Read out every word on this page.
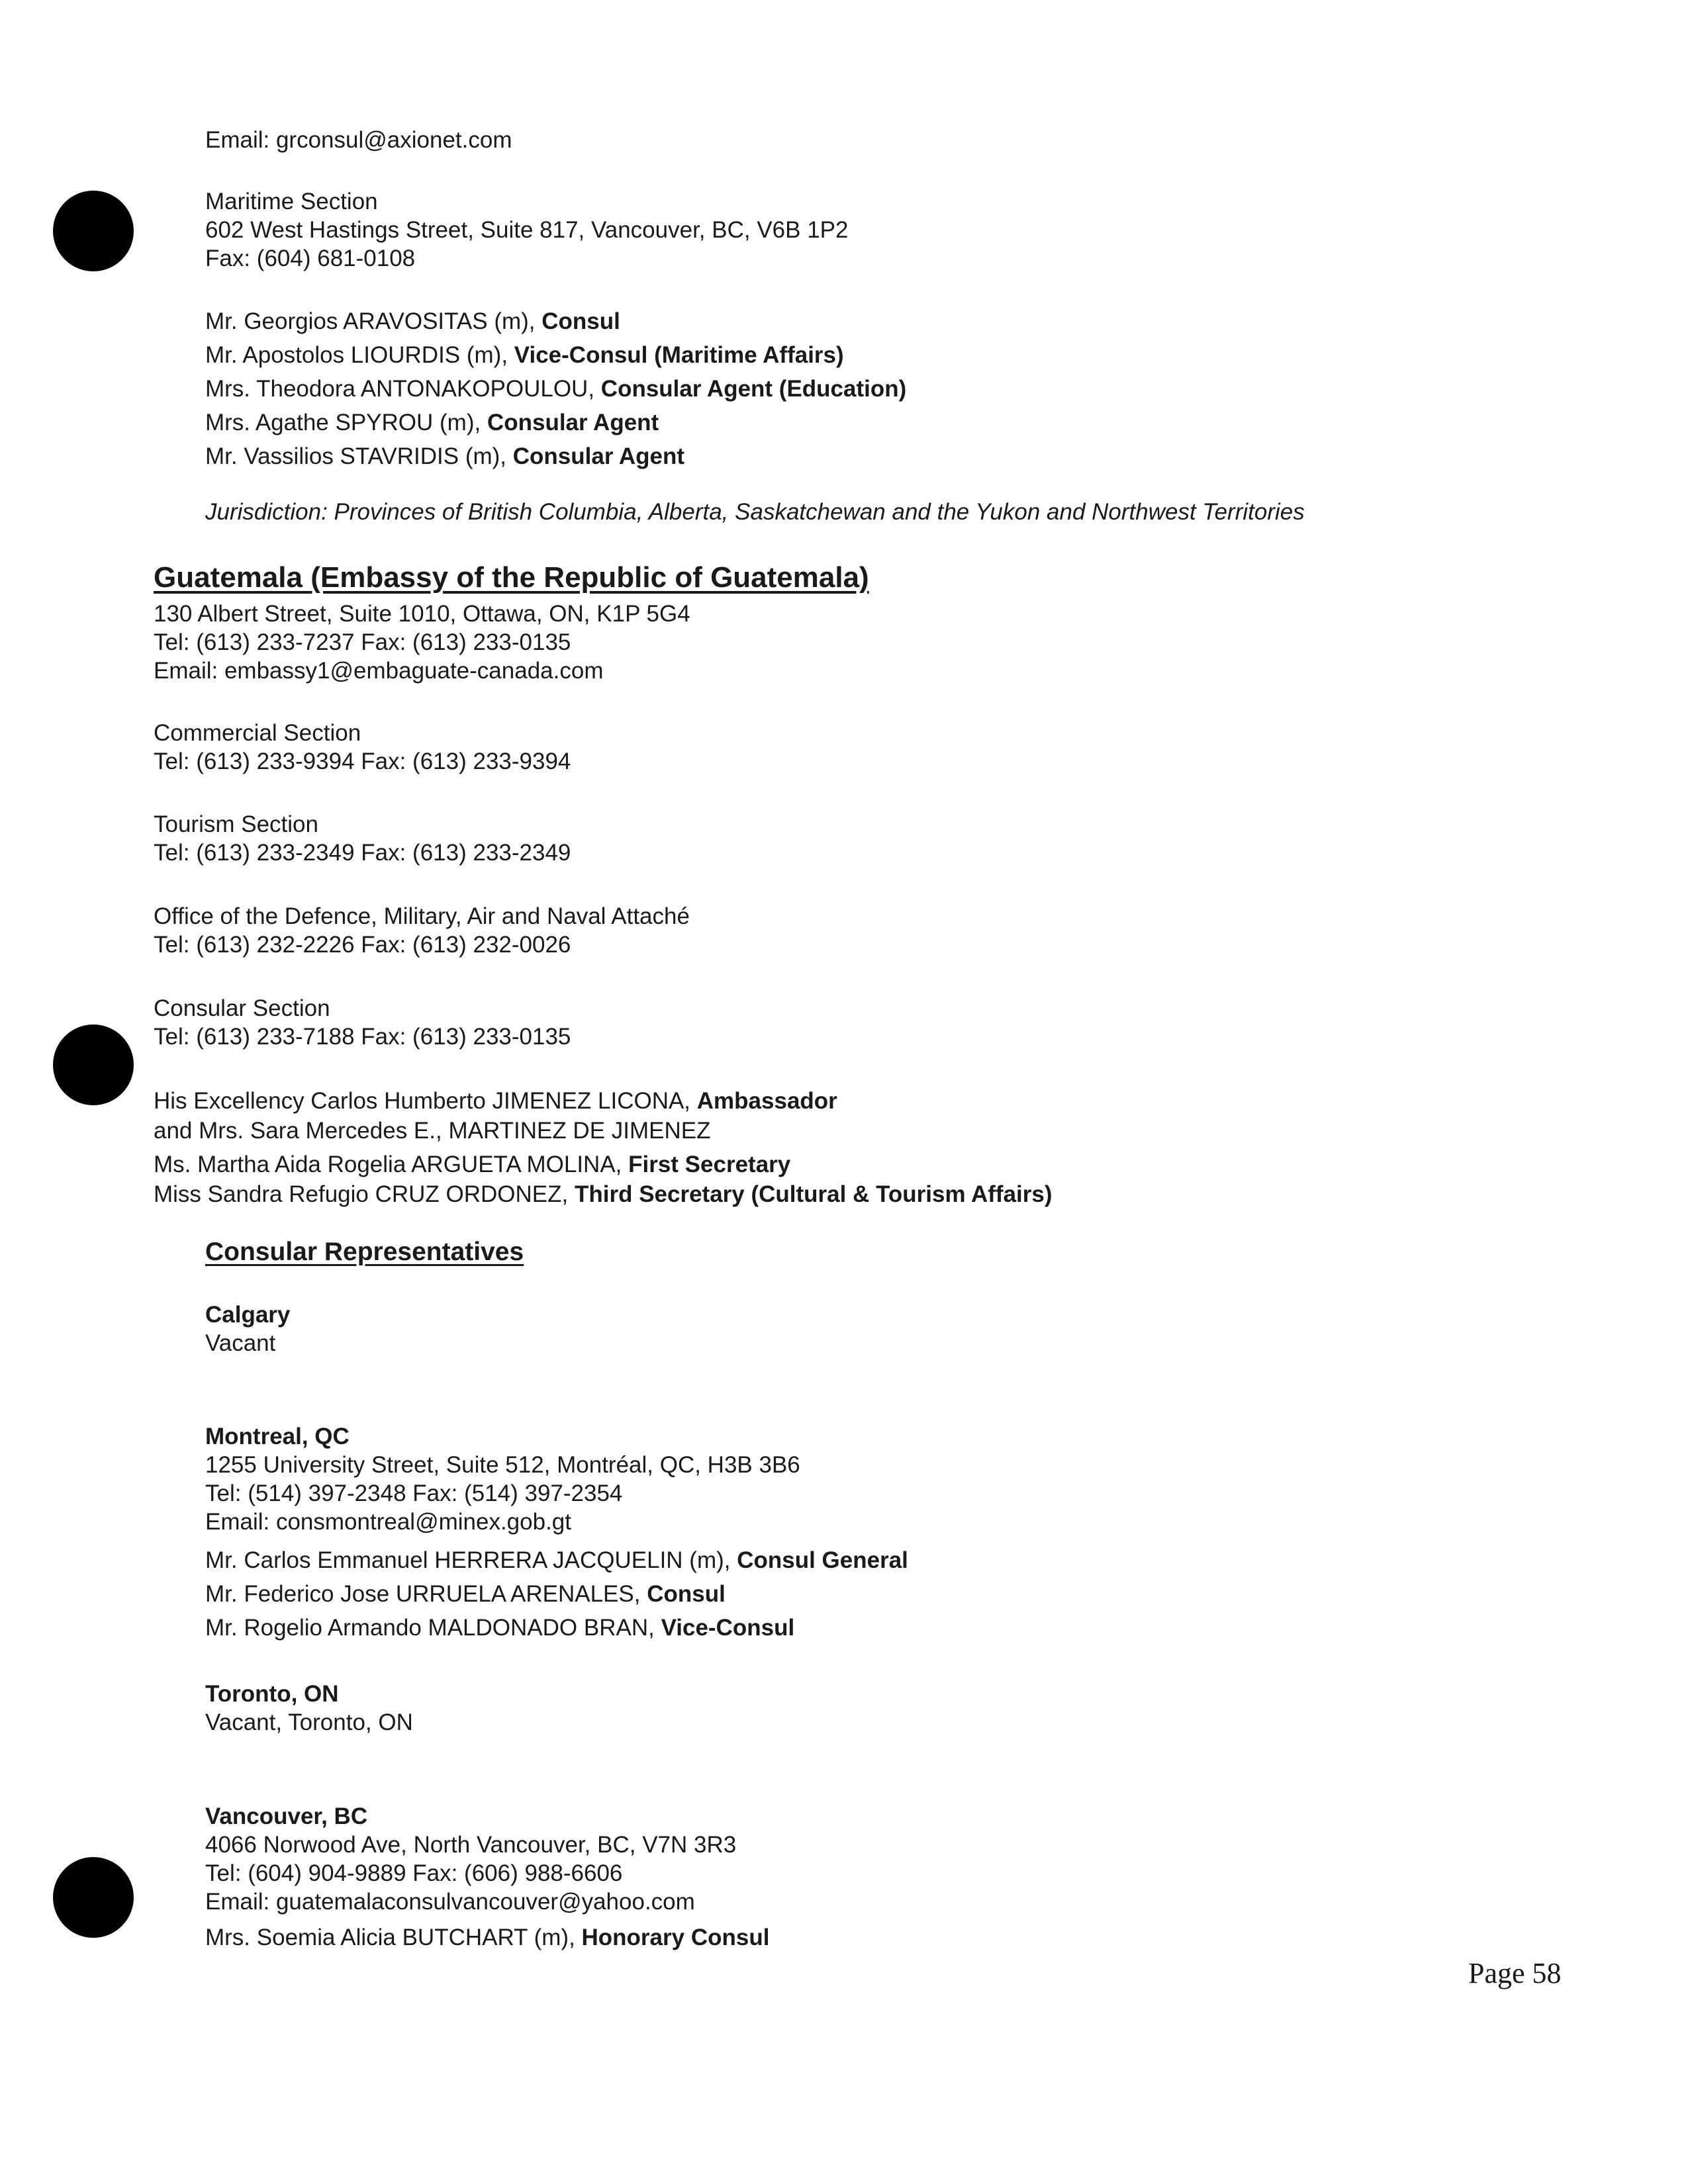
Email: grconsul@axionet.com
Maritime Section
602 West Hastings Street, Suite 817, Vancouver, BC, V6B 1P2
Fax: (604) 681-0108
Mr. Georgios ARAVOSITAS (m), Consul
Mr. Apostolos LIOURDIS (m), Vice-Consul (Maritime Affairs)
Mrs. Theodora ANTONAKOPOULOU, Consular Agent (Education)
Mrs. Agathe SPYROU (m), Consular Agent
Mr. Vassilios STAVRIDIS (m), Consular Agent
Jurisdiction: Provinces of British Columbia, Alberta, Saskatchewan and the Yukon and Northwest Territories
Guatemala (Embassy of the Republic of Guatemala)
130 Albert Street, Suite 1010, Ottawa, ON, K1P 5G4
Tel: (613) 233-7237 Fax: (613) 233-0135
Email: embassy1@embaguate-canada.com
Commercial Section
Tel: (613) 233-9394 Fax: (613) 233-9394
Tourism Section
Tel: (613) 233-2349 Fax: (613) 233-2349
Office of the Defence, Military, Air and Naval Attaché
Tel: (613) 232-2226 Fax: (613) 232-0026
Consular Section
Tel: (613) 233-7188 Fax: (613) 233-0135
His Excellency Carlos Humberto JIMENEZ LICONA, Ambassador
and Mrs. Sara Mercedes E., MARTINEZ DE JIMENEZ
Ms. Martha Aida Rogelia ARGUETA MOLINA, First Secretary
Miss Sandra Refugio CRUZ ORDONEZ, Third Secretary (Cultural & Tourism Affairs)
Consular Representatives
Calgary
Vacant
Montreal, QC
1255 University Street, Suite 512, Montréal, QC, H3B 3B6
Tel: (514) 397-2348 Fax: (514) 397-2354
Email: consmontreal@minex.gob.gt
Mr. Carlos Emmanuel HERRERA JACQUELIN (m), Consul General
Mr. Federico Jose URRUELA ARENALES, Consul
Mr. Rogelio Armando MALDONADO BRAN, Vice-Consul
Toronto, ON
Vacant, Toronto, ON
Vancouver, BC
4066 Norwood Ave, North Vancouver, BC, V7N 3R3
Tel: (604) 904-9889 Fax: (606) 988-6606
Email: guatemalaconsulvancouver@yahoo.com
Mrs. Soemia Alicia BUTCHART (m), Honorary Consul
Page 58
